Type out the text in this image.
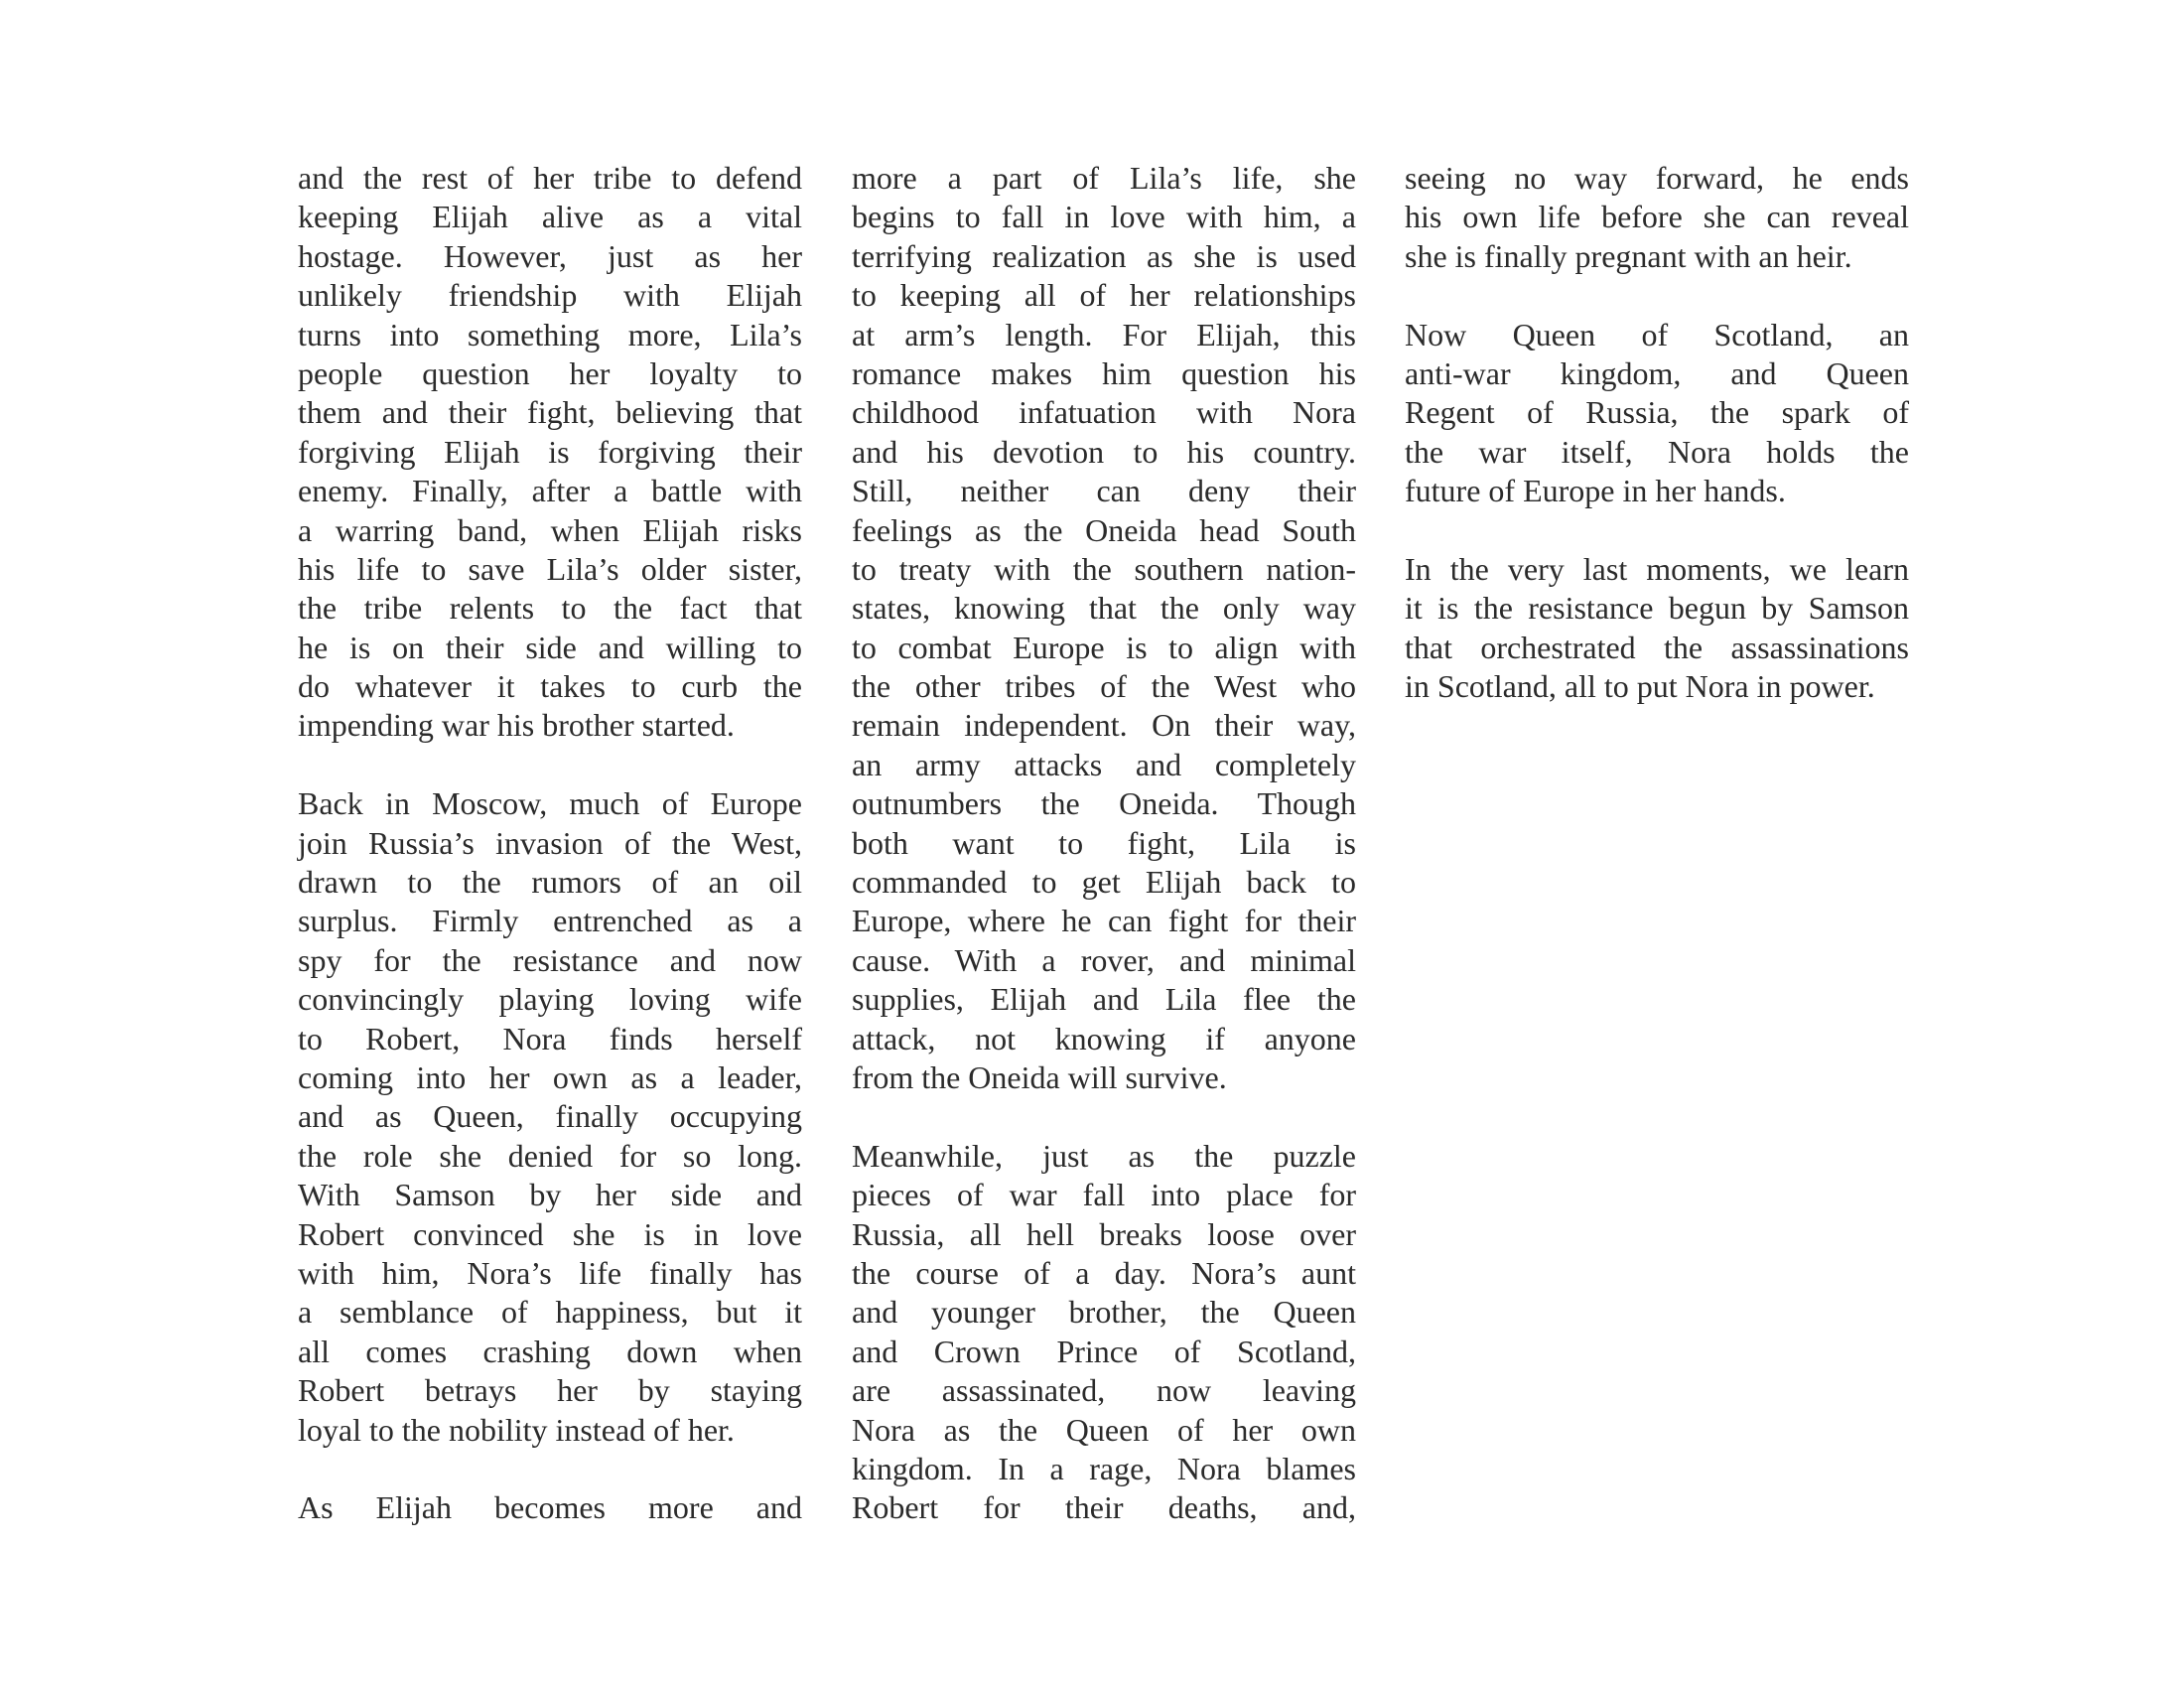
and the rest of her tribe to defend
keeping Elijah alive as a vital
hostage. However, just as her
unlikely friendship with Elijah
turns into something more, Lila’s
people question her loyalty to
them and their fight, believing that
forgiving Elijah is forgiving their
enemy. Finally, after a battle with
a warring band, when Elijah risks
his life to save Lila’s older sister,
the tribe relents to the fact that
he is on their side and willing to
do whatever it takes to curb the
impending war his brother started.
Back in Moscow, much of Europe
join Russia’s invasion of the West,
drawn to the rumors of an oil
surplus. Firmly entrenched as a
spy for the resistance and now
convincingly playing loving wife
to Robert, Nora finds herself
coming into her own as a leader,
and as Queen, finally occupying
the role she denied for so long.
With Samson by her side and
Robert convinced she is in love
with him, Nora’s life finally has
a semblance of happiness, but it
all comes crashing down when
Robert betrays her by staying
loyal to the nobility instead of her.
As Elijah becomes more and
more a part of Lila’s life, she
begins to fall in love with him, a
terrifying realization as she is used
to keeping all of her relationships
at arm’s length. For Elijah, this
romance makes him question his
childhood infatuation with Nora
and his devotion to his country.
Still, neither can deny their
feelings as the Oneida head South
to treaty with the southern nation-
states, knowing that the only way
to combat Europe is to align with
the other tribes of the West who
remain independent. On their way,
an army attacks and completely
outnumbers the Oneida. Though
both want to fight, Lila is
commanded to get Elijah back to
Europe, where he can fight for their
cause. With a rover, and minimal
supplies, Elijah and Lila flee the
attack, not knowing if anyone
from the Oneida will survive.
Meanwhile, just as the puzzle
pieces of war fall into place for
Russia, all hell breaks loose over
the course of a day. Nora’s aunt
and younger brother, the Queen
and Crown Prince of Scotland,
are assassinated, now leaving
Nora as the Queen of her own
kingdom. In a rage, Nora blames
Robert for their deaths, and,
seeing no way forward, he ends
his own life before she can reveal
she is finally pregnant with an heir.
Now Queen of Scotland, an
anti-war kingdom, and Queen
Regent of Russia, the spark of
the war itself, Nora holds the
future of Europe in her hands.
In the very last moments, we learn
it is the resistance begun by Samson
that orchestrated the assassinations
in Scotland, all to put Nora in power.
